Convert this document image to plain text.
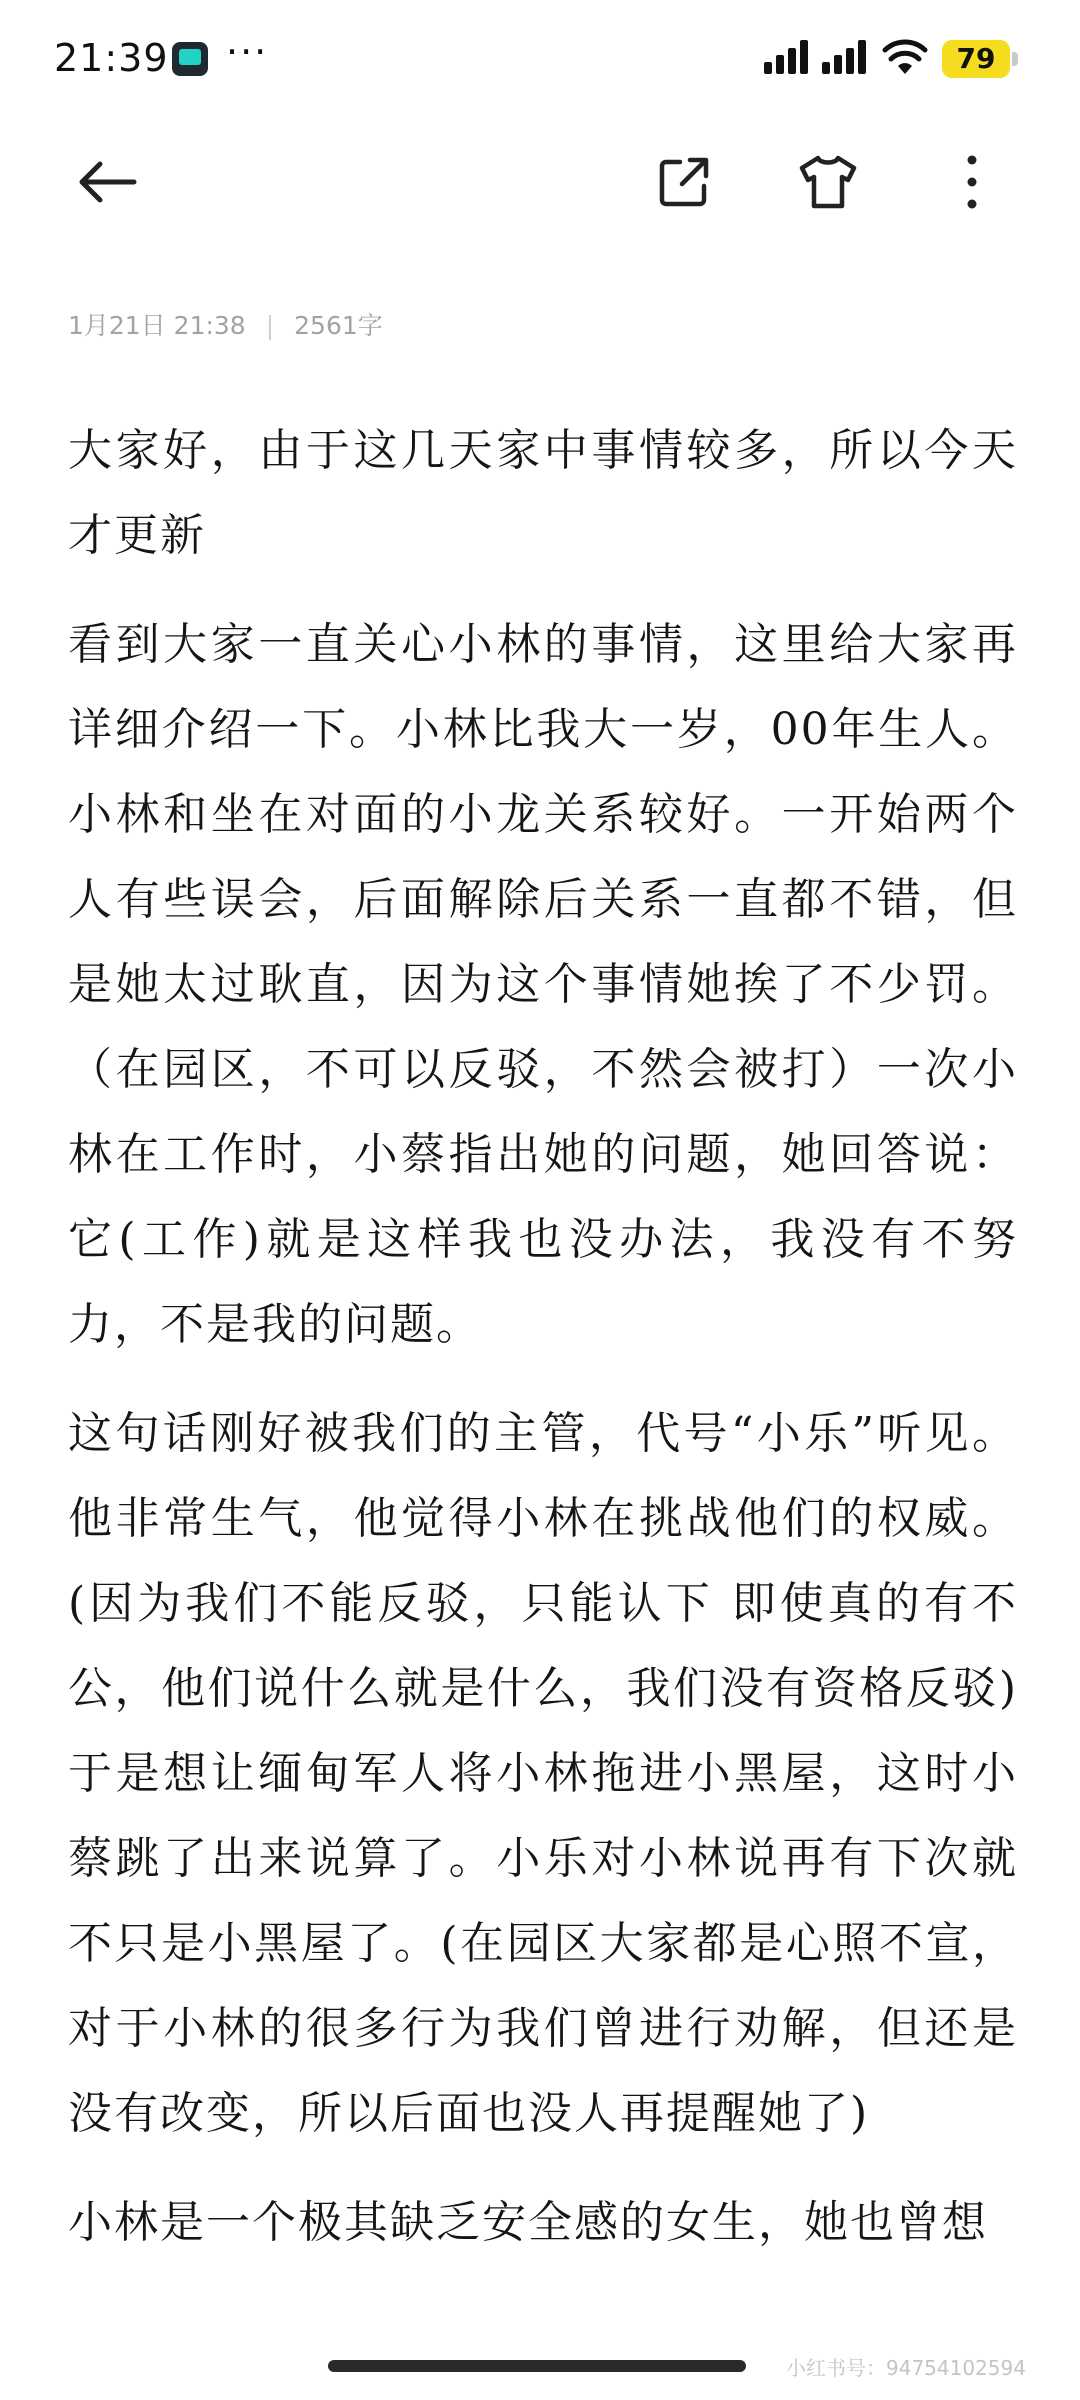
21:39 ···	79
1月21日 21:38 | 2561字

大家好，由于这几天家中事情较多，所以今天才更新

看到大家一直关心小林的事情，这里给大家再详细介绍一下。小林比我大一岁，00年生人。小林和坐在对面的小龙关系较好。一开始两个人有些误会，后面解除后关系一直都不错，但是她太过耿直，因为这个事情她挨了不少罚。（在园区，不可以反驳，不然会被打）一次小林在工作时，小蔡指出她的问题，她回答说：它(工作)就是这样我也没办法，我没有不努力，不是我的问题。

这句话刚好被我们的主管，代号“小乐”听见。他非常生气，他觉得小林在挑战他们的权威。(因为我们不能反驳，只能认下 即使真的有不公，他们说什么就是什么，我们没有资格反驳)于是想让缅甸军人将小林拖进小黑屋，这时小蔡跳了出来说算了。小乐对小林说再有下次就不只是小黑屋了。(在园区大家都是心照不宣，对于小林的很多行为我们曾进行劝解，但还是没有改变，所以后面也没人再提醒她了)

小林是一个极其缺乏安全感的女生，她也曾想

小红书号：94754102594
